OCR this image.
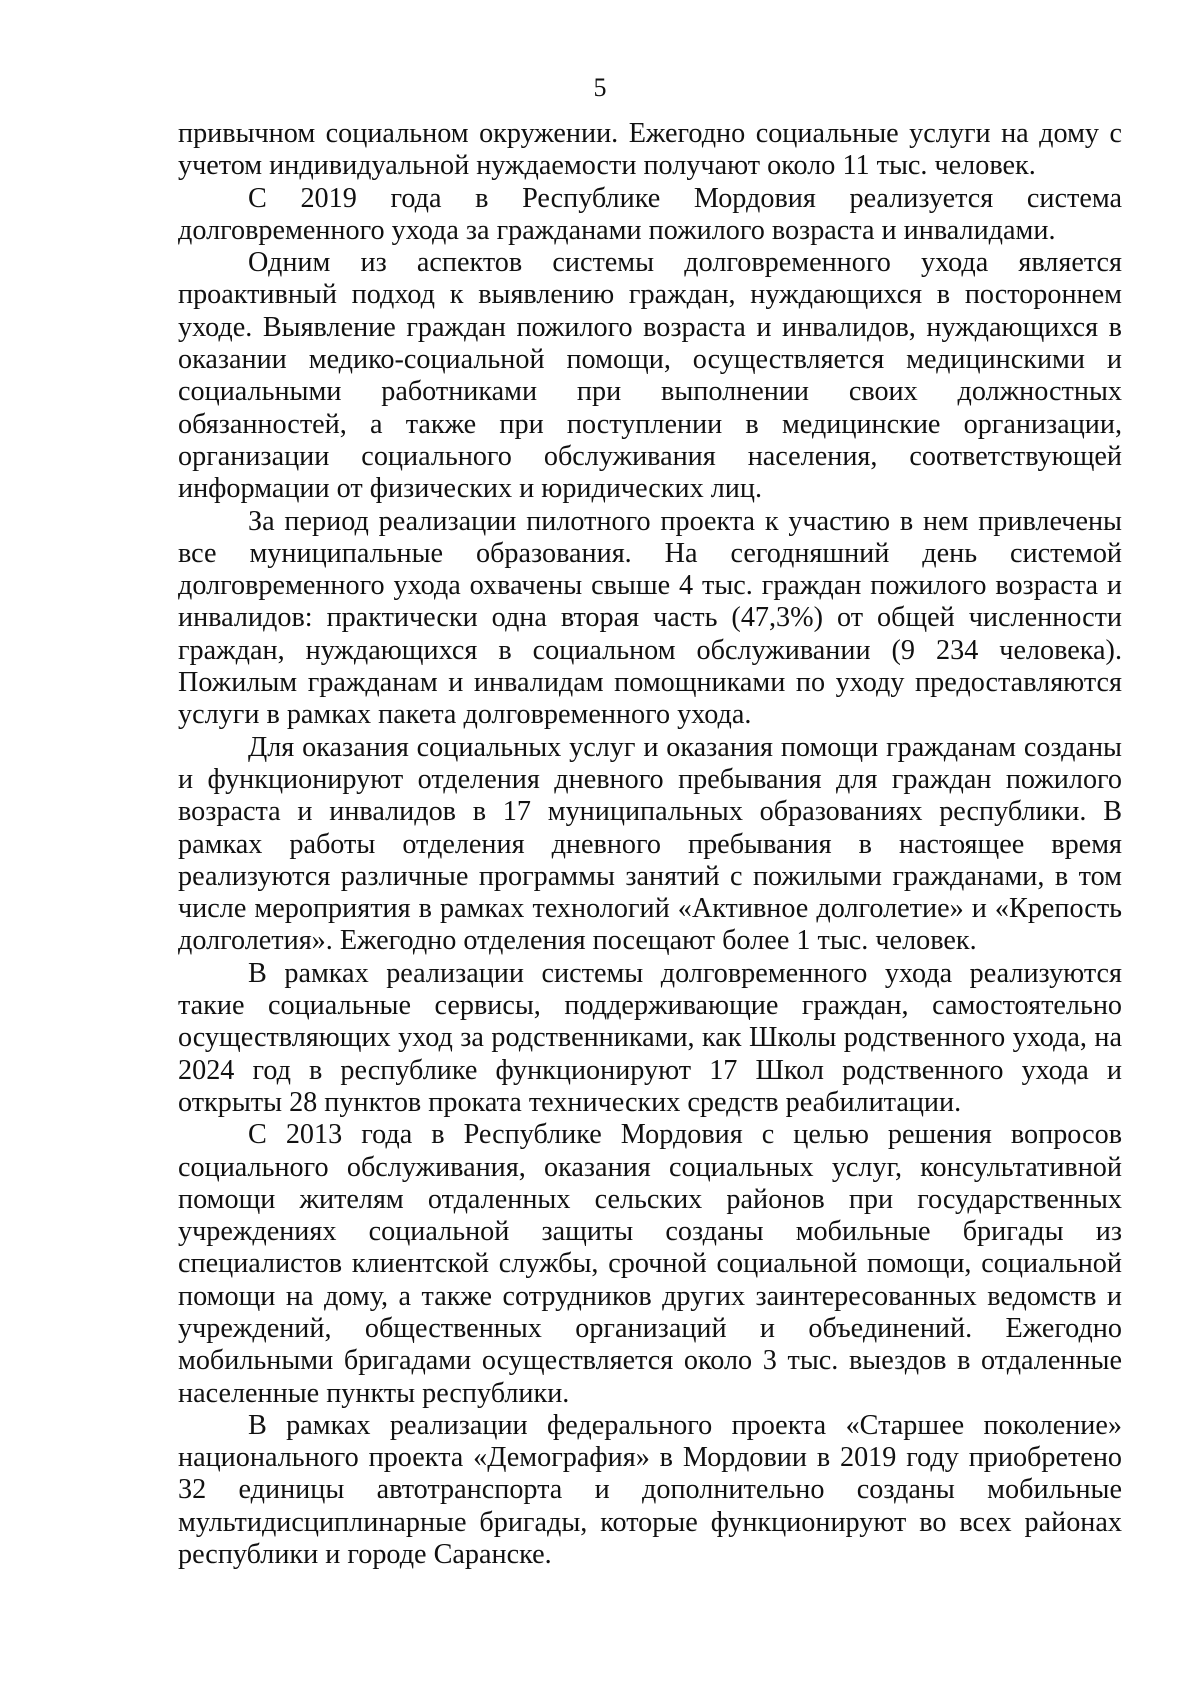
5

привычном социальном окружении. Ежегодно социальные услуги на дому с учетом индивидуальной нуждаемости получают около 11 тыс. человек.

С 2019 года в Республике Мордовия реализуется система долговременного ухода за гражданами пожилого возраста и инвалидами.

Одним из аспектов системы долговременного ухода является проактивный подход к выявлению граждан, нуждающихся в постороннем уходе. Выявление граждан пожилого возраста и инвалидов, нуждающихся в оказании медико-социальной помощи, осуществляется медицинскими и социальными работниками при выполнении своих должностных обязанностей, а также при поступлении в медицинские организации, организации социального обслуживания населения, соответствующей информации от физических и юридических лиц.

За период реализации пилотного проекта к участию в нем привлечены все муниципальные образования. На сегодняшний день системой долговременного ухода охвачены свыше 4 тыс. граждан пожилого возраста и инвалидов: практически одна вторая часть (47,3%) от общей численности граждан, нуждающихся в социальном обслуживании (9 234 человека). Пожилым гражданам и инвалидам помощниками по уходу предоставляются услуги в рамках пакета долговременного ухода.

Для оказания социальных услуг и оказания помощи гражданам созданы и функционируют отделения дневного пребывания для граждан пожилого возраста и инвалидов в 17 муниципальных образованиях республики. В рамках работы отделения дневного пребывания в настоящее время реализуются различные программы занятий с пожилыми гражданами, в том числе мероприятия в рамках технологий «Активное долголетие» и «Крепость долголетия». Ежегодно отделения посещают более 1 тыс. человек.

В рамках реализации системы долговременного ухода реализуются такие социальные сервисы, поддерживающие граждан, самостоятельно осуществляющих уход за родственниками, как Школы родственного ухода, на 2024 год в республике функционируют 17 Школ родственного ухода и открыты 28 пунктов проката технических средств реабилитации.

С 2013 года в Республике Мордовия с целью решения вопросов социального обслуживания, оказания социальных услуг, консультативной помощи жителям отдаленных сельских районов при государственных учреждениях социальной защиты созданы мобильные бригады из специалистов клиентской службы, срочной социальной помощи, социальной помощи на дому, а также сотрудников других заинтересованных ведомств и учреждений, общественных организаций и объединений. Ежегодно мобильными бригадами осуществляется около 3 тыс. выездов в отдаленные населенные пункты республики.

В рамках реализации федерального проекта «Старшее поколение» национального проекта «Демография» в Мордовии в 2019 году приобретено 32 единицы автотранспорта и дополнительно созданы мобильные мультидисциплинарные бригады, которые функционируют во всех районах республики и городе Саранске.
